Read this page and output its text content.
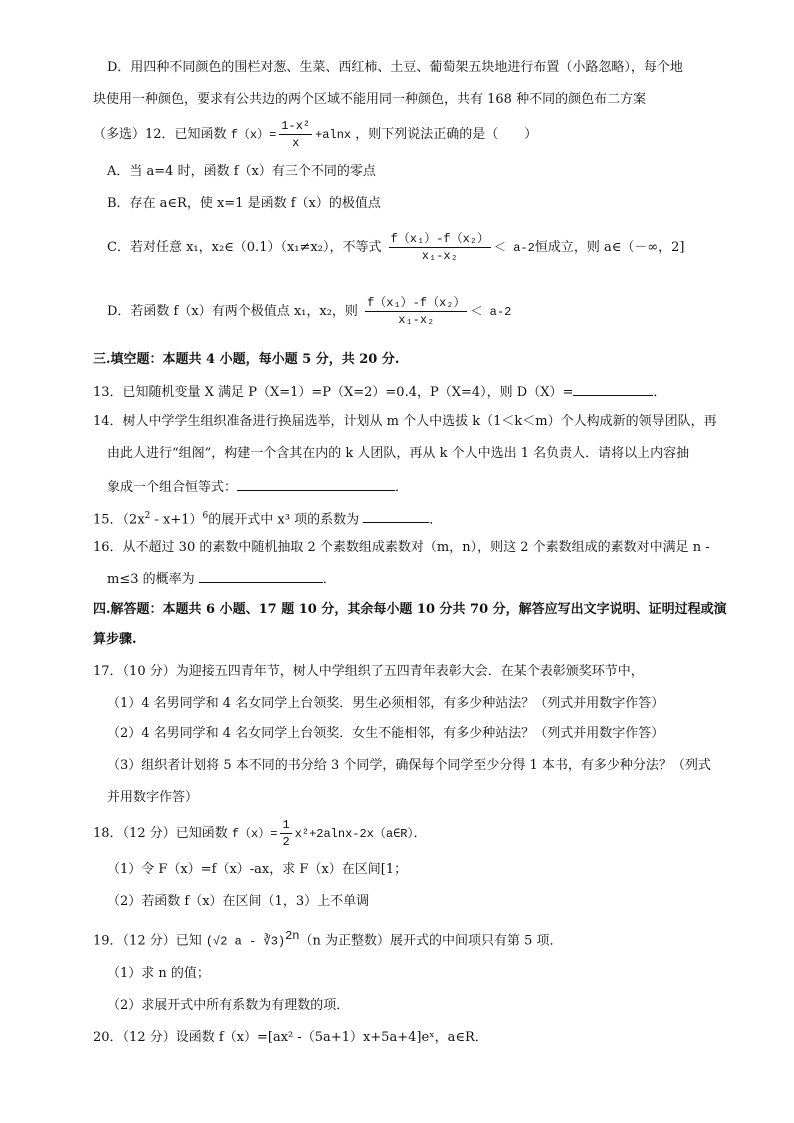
D．用四种不同颜色的围栏对葱、生菜、西红柿、土豆、葡萄架五块地进行布置（小路忽略），每个地
块使用一种颜色，要求有公共边的两个区域不能用同一种颜色，共有 168 种不同的颜色布二方案
（多选）12．已知函数 $f(x)= \frac{\text{1-x²}}{x} +alnx$ ，则下列说法正确的是（　　）
A．当 a=4 时，函数 f（x）有三个不同的零点
B．存在 a∈R，使 x=1 是函数 f（x）的极值点
C．若对任意 x₁，x₂∈（0.1）（x₁≠x₂），不等式 $\frac{\text{f（x₁）-f（x₂）}}{\text{x₁-x₂}} < a-2$恒成立，则 a∈（－∞，2]
D．若函数 f（x）有两个极值点 x₁，x₂，则 $\frac{\text{f（x₁）-f（x₂）}}{\text{x₁-x₂}} < a-2$
三.填空题：本题共 4 小题，每小题 5 分，共 20 分.
13．已知随机变量 X 满足 P（X=1）=P（X=2）=0.4，P（X=4），则 D（X）=	．
14．树人中学学生组织准备进行换届选举，计划从 m 个人中选拔 k（1＜k＜m）个人构成新的领导团队，再
由此人进行“组阁”，构建一个含其在内的 k 人团队，再从 k 个人中选出 1 名负责人．请将以上内容抽
象成一个组合恒等式：	．
15．$(2x^2 - x+1)^6$的展开式中 x³ 项的系数为	．
16．从不超过 30 的素数中随机抽取 2 个素数组成素数对（m，n），则这 2 个素数组成的素数对中满足 n -
m≤3 的概率为	．
四.解答题：本题共 6 小题、17 题 10 分，其余每小题 10 分共 70 分，解答应写出文字说明、证明过程或演
算步骤.
17．（10 分）为迎接五四青年节，树人中学组织了五四青年表彰大会．在某个表彰颁奖环节中，
（1）4 名男同学和 4 名女同学上台领奖．男生必须相邻，有多少种站法？（列式并用数字作答）
（2）4 名男同学和 4 名女同学上台领奖．女生不能相邻，有多少种站法？（列式并用数字作答）
（3）组织者计划将 5 本不同的书分给 3 个同学，确保每个同学至少分得 1 本书，有多少种分法？（列式
并用数字作答）
18．（12 分）已知函数 $f(x)= \frac{1}{2}$ x²+2alnx-2x（a∈R）．
（1）令 F（x）=f（x）-ax，求 F（x）在区间[1；
（2）若函数 f（x）在区间（1，3）上不单调
19．（12 分）已知 (√2 a - ∛3)$^{2n}$（n 为正整数）展开式的中间项只有第 5 项．
（1）求 n 的值；
（2）求展开式中所有系数为有理数的项．
20．（12 分）设函数 f（x）=[ax² -（5a+1）x+5a+4]eˣ，a∈R．
